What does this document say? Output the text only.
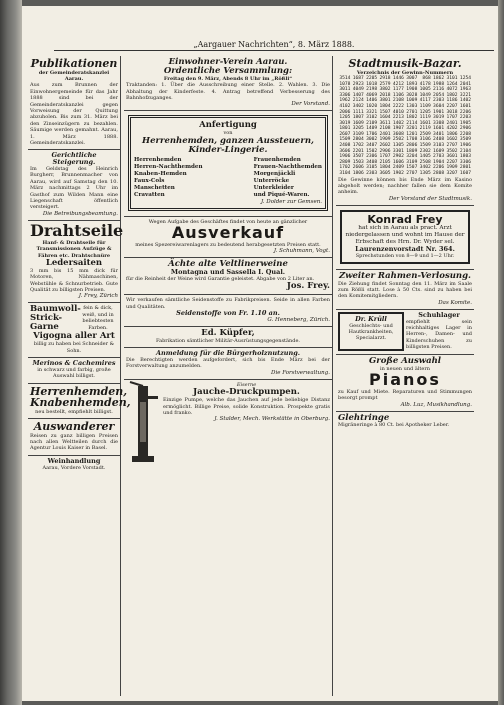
„Aargauer Nachrichten“, 8. März 1888.
Publikationen
der Gemeinderatskanzlei Aarau.
Aus zum Brunnen der Einwohnergemeinde für das Jahr 1888 sind bei der Gemeinderatskanzlei gegen Vorweisung der Quittung abzuholen. Bis zum 31. März bei den Zinseinzügern zu bezahlen. Säumige werden gemahnt. Aarau, 1. März 1888. Gemeinderatskanzlei.
Gerichtliche Steigerung.
Im Geldstag des Heinrich Burgherr, Brunnenmacher von Aarau, wird auf Samstag den 10. März nachmittags 2 Uhr im Gasthof zum Wilden Mann eine Liegenschaft öffentlich versteigert.
Die Betreibungsbeamtung.
Drahtseile
Hanf- & Drahtseile für Transmissionen Aufzüge & Fähren etc. Drahtschnüre
Ledersaiten
3 mm bis 15 mm dick für Motoren, Nähmaschinen, Webstühle & Schnurbetrieb. Gute Qualität zu billigsten Preisen.
J. Frey, Zürich
Baumwoll-Strick-Garne
fein & dick, weiß, und in beliebtesten Farben.
Vigogna aller Art
billig zu haben bei Schneider & Sohn.
Merinos & Cachemires
in schwarz und farbig, große Auswahl billigst.
Herrenhemden, Knabenhemden,
neu bestellt, empfiehlt billigst.
Auswanderer
Reisen zu ganz billigen Preisen nach allen Weltteilen durch die Agentur Louis Kaiser in Basel.
Weinhandlung
Aarau, Vordere Vorstadt.
Einwohner-Verein Aarau.
Ordentliche Versammlung:
Freitag den 9. März, Abends 8 Uhr im „Rößli“
Traktanden: 1. Über die Ausschreibung einer Stelle. 2. Wahlen. 3. Die Abhaltung der Kinderfeste. 4. Antrag betreffend Verbesserung des Bahnhofzuganges.
Der Vorstand.
Anfertigung
von
Herrenhemden, ganzen Aussteuern, Kinder-Lingerie.
Herrenhemden
Herren-Nachthemden
Knaben-Hemden
Faux-Cols
Manschetten
Cravatten
Frauenhemden
Frauen-Nachthemden
Morgenjäckli
Unterröcke
Unterkleider
und Piqué-Waren.
J. Dolder zur Gemsen.
Wegen Aufgabe des Geschäftes findet von heute an gänzlicher
Ausverkauf
meines Spezereiwarenlagers zu bedeutend herabgesetzten Preisen statt.
J. Schuhmann, Vogt.
Ächte alte Veltlinerweine
Montagna und Sassella I. Qual.
für die Reinheit der Weine wird Garantie geleistet. Abgabe von 2 Liter an.
Jos. Frey.
Wir verkaufen sämtliche Seidenstoffe zu Fabrikpreisen. Seide in allen Farben und Qualitäten.
Seidenstoffe von Fr. 1.10 an.
G. Henneberg, Zürich.
Ed. Küpfer,
Fabrikation sämtlicher Militär-Ausrüstungsgegenstände.
Anmeldung für die Bürgerholznutzung.
Die Berechtigten werden aufgefordert, sich bis Ende März bei der Forstverwaltung anzumelden.
Die Forstverwaltung.
Eiserne
Jauche-Druckpumpen.
Einzige Pumpe, welche das Jauchen auf jede beliebige Distanz ermöglicht. Billige Preise, solide Konstruktion. Prospekte gratis und franko.
J. Stalder, Mech. Werkstätte in Oberburg.
Stadtmusik-Bazar.
Verzeichnis der Gewinn-Nummern
3514	1687	2205	2918	1446	3007	868	1862	3101	1254
1078	2923	1018	2579	4212	1893	4178	1988	1264	2041
3011	4049	2198	3802	1177	1908	1005	2116	4072	1963
3306	1407	4069	2018	1106	3028	1049	2054	1802	3221
1962	2124	1406	3801	2108	1009	4117	2303	1186	1402
4102	3402	1020	1804	2222	1303	1109	3604	2207	1601
2006	1111	3321	1507	4010	2701	1205	1901	3018	2206
1205	1807	3102	1604	2213	1802	1119	3019	1707	2203
3019	1609	2109	3611	1402	2114	1601	3308	2401	1905
1801	3205	1409	2108	1907	3201	2119	1601	4202	2906
2607	3109	1706	2401	3608	1201	2509	3401	1806	2208
1509	2804	3002	1909	2502	1708	3106	2408	1602	3509
2408	1702	3407	2602	1305	2806	1509	3103	2707	1906
3606	2201	1502	2906	3301	1809	2302	1609	3502	2104
1906	3507	2306	1707	2902	3204	1405	2703	3601	1803
2809	1503	3408	2105	1606	3109	2508	1904	2207	3306
1702	2606	3105	1804	2409	1507	3402	2206	1909	2801
3104	1806	2303	3605	1902	2707	1305	2808	3207	1607
Die Gewinne können bis Ende März im Kasino abgeholt werden; nachher fallen sie dem Komite anheim.
Der Vorstand der Stadtmusik.
Konrad Frey
hat sich in Aarau als pract. Arzt niedergelassen und wohnt im Hause der Erbschaft des Hrn. Dr. Wyder sel.
Laurenzenvorstadt Nr. 364.
Sprechstunden von 8—9 und 1—2 Uhr.
Zweiter Rahmen-Verlosung.
Die Ziehung findet Sonntag den 11. März im Saale zum Rößli statt. Lose à 50 Cts. sind zu haben bei den Komitemitgliedern.
Das Komite.
Dr. Krüll
Geschlechts- und Hautkrankheiten, Specialarzt.
Schuhlager
empfiehlt sein reichhaltiges Lager in Herren-, Damen- und Kinderschuhen zu billigsten Preisen.
Große Auswahl
in neuen und ältern
Pianos
zu Kauf und Miete. Reparaturen und Stimmungen besorgt prompt
Alb. Luz, Musikhandlung.
Glehtringe
Migräneringe à 80 Ct. bei Apotheker Leber.
